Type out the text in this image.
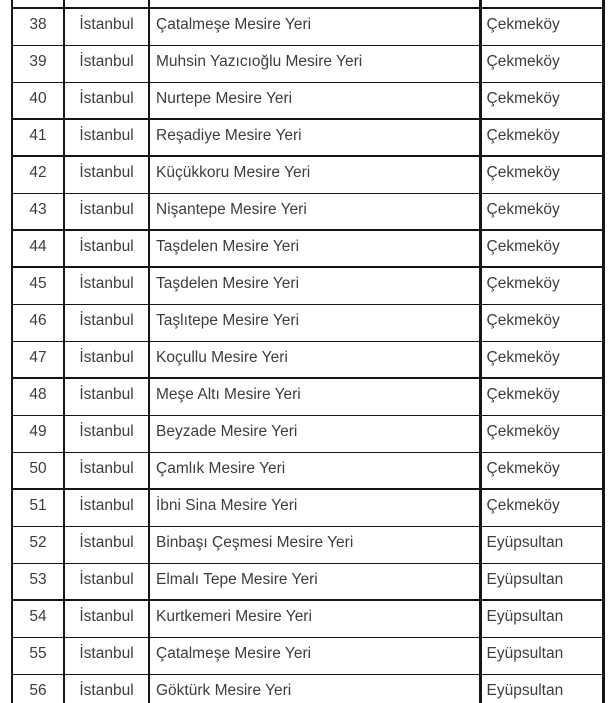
38	İstanbul	Çatalmeşe Mesire Yeri	Çekmeköy
39	İstanbul	Muhsin Yazıcıoğlu Mesire Yeri	Çekmeköy
40	İstanbul	Nurtepe Mesire Yeri	Çekmeköy
41	İstanbul	Reşadiye Mesire Yeri	Çekmeköy
42	İstanbul	Küçükkoru Mesire Yeri	Çekmeköy
43	İstanbul	Nişantepe Mesire Yeri	Çekmeköy
44	İstanbul	Taşdelen Mesire Yeri	Çekmeköy
45	İstanbul	Taşdelen Mesire Yeri	Çekmeköy
46	İstanbul	Taşlıtepe Mesire Yeri	Çekmeköy
47	İstanbul	Koçullu Mesire Yeri	Çekmeköy
48	İstanbul	Meşe Altı Mesire Yeri	Çekmeköy
49	İstanbul	Beyzade Mesire Yeri	Çekmeköy
50	İstanbul	Çamlık Mesire Yeri	Çekmeköy
51	İstanbul	İbni Sina Mesire Yeri	Çekmeköy
52	İstanbul	Binbaşı Çeşmesi Mesire Yeri	Eyüpsultan
53	İstanbul	Elmalı Tepe Mesire Yeri	Eyüpsultan
54	İstanbul	Kurtkemeri Mesire Yeri	Eyüpsultan
55	İstanbul	Çatalmeşe Mesire Yeri	Eyüpsultan
56	İstanbul	Göktürk Mesire Yeri	Eyüpsultan
